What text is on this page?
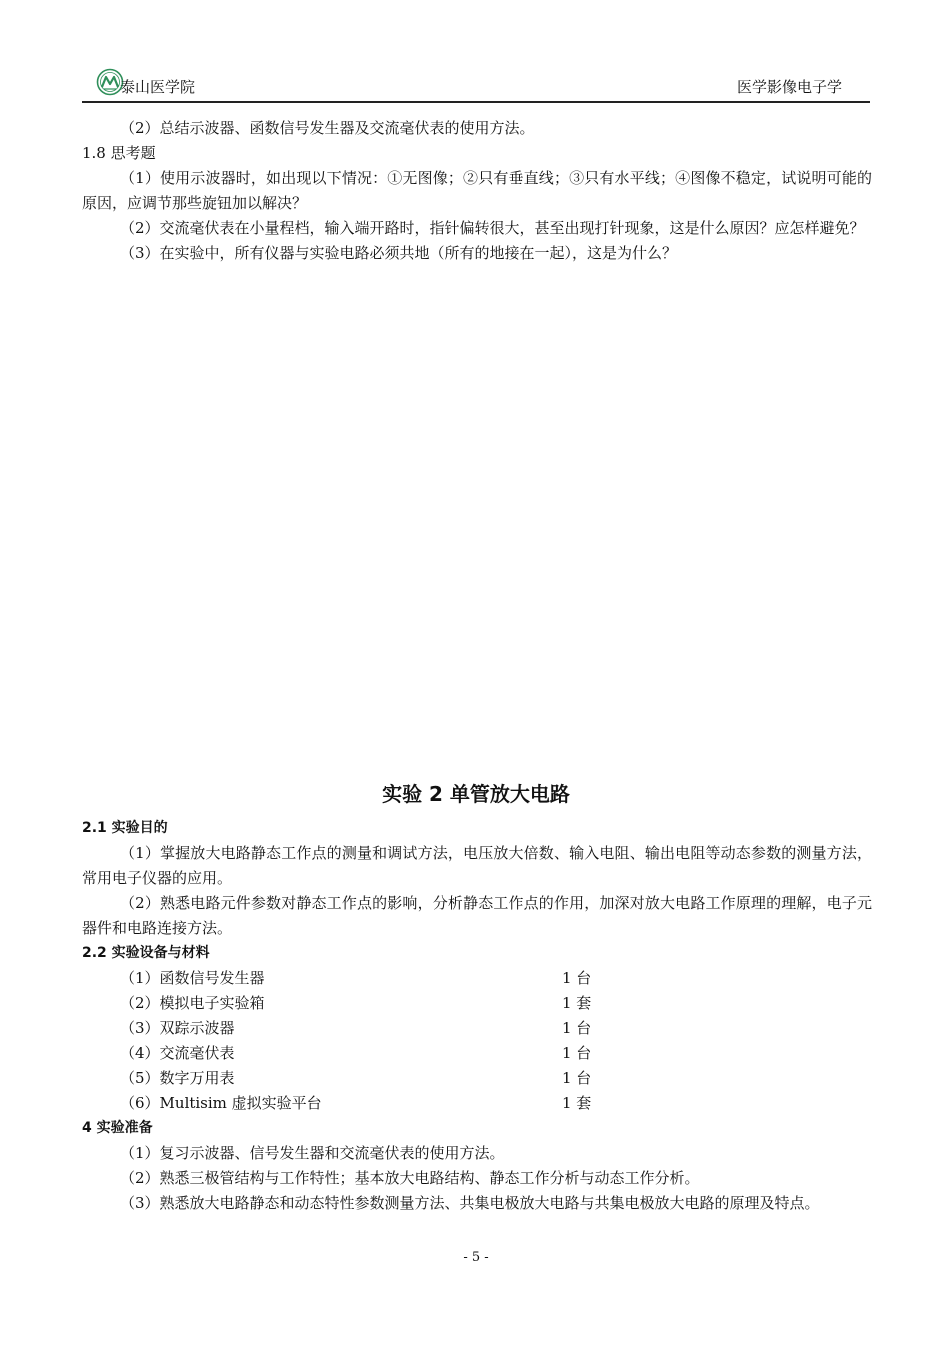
泰山医学院	医学影像电子学

（2）总结示波器、函数信号发生器及交流毫伏表的使用方法。

1.8 思考题

（1）使用示波器时，如出现以下情况：①无图像；②只有垂直线；③只有水平线；④图像不稳定，试说明可能的原因，应调节那些旋钮加以解决？

（2）交流毫伏表在小量程档，输入端开路时，指针偏转很大，甚至出现打针现象，这是什么原因？应怎样避免？

（3）在实验中，所有仪器与实验电路必须共地（所有的地接在一起），这是为什么？

实验 2 单管放大电路

2.1 实验目的

（1）掌握放大电路静态工作点的测量和调试方法，电压放大倍数、输入电阻、输出电阻等动态参数的测量方法，常用电子仪器的应用。

（2）熟悉电路元件参数对静态工作点的影响，分析静态工作点的作用，加深对放大电路工作原理的理解，电子元器件和电路连接方法。

2.2 实验设备与材料

（1）函数信号发生器	1 台
（2）模拟电子实验箱	1 套
（3）双踪示波器	1 台
（4）交流毫伏表	1 台
（5）数字万用表	1 台
（6）Multisim 虚拟实验平台	1 套

4 实验准备

（1）复习示波器、信号发生器和交流毫伏表的使用方法。

（2）熟悉三极管结构与工作特性；基本放大电路结构、静态工作分析与动态工作分析。

（3）熟悉放大电路静态和动态特性参数测量方法、共集电极放大电路与共集电极放大电路的原理及特点。

- 5 -
